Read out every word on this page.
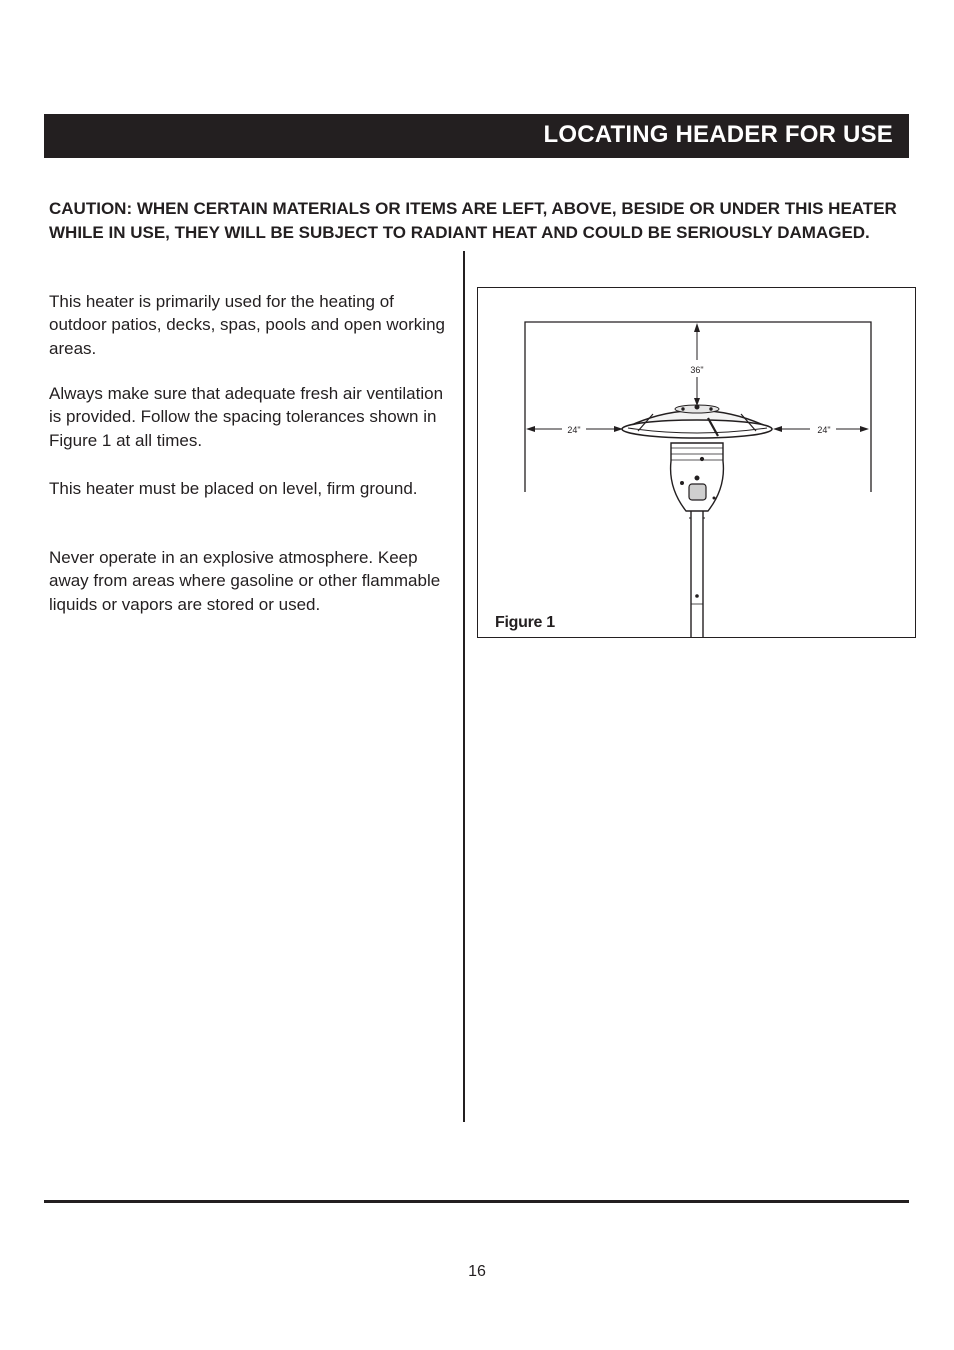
LOCATING HEADER FOR USE
CAUTION: WHEN CERTAIN MATERIALS OR ITEMS ARE LEFT, ABOVE, BESIDE OR UNDER THIS HEATER WHILE IN USE, THEY WILL BE SUBJECT TO RADIANT HEAT AND COULD BE SERIOUSLY DAMAGED.
This heater is primarily used for the heating of outdoor patios, decks, spas, pools and open working areas.
Always make sure that adequate fresh air ventilation is provided. Follow the spacing tolerances shown in Figure 1 at all times.
This heater must be placed on level, firm ground.
Never operate in an explosive atmosphere. Keep away from areas where gasoline or other flammable liquids or vapors are stored or used.
36"
24"	24"
Figure 1
16
